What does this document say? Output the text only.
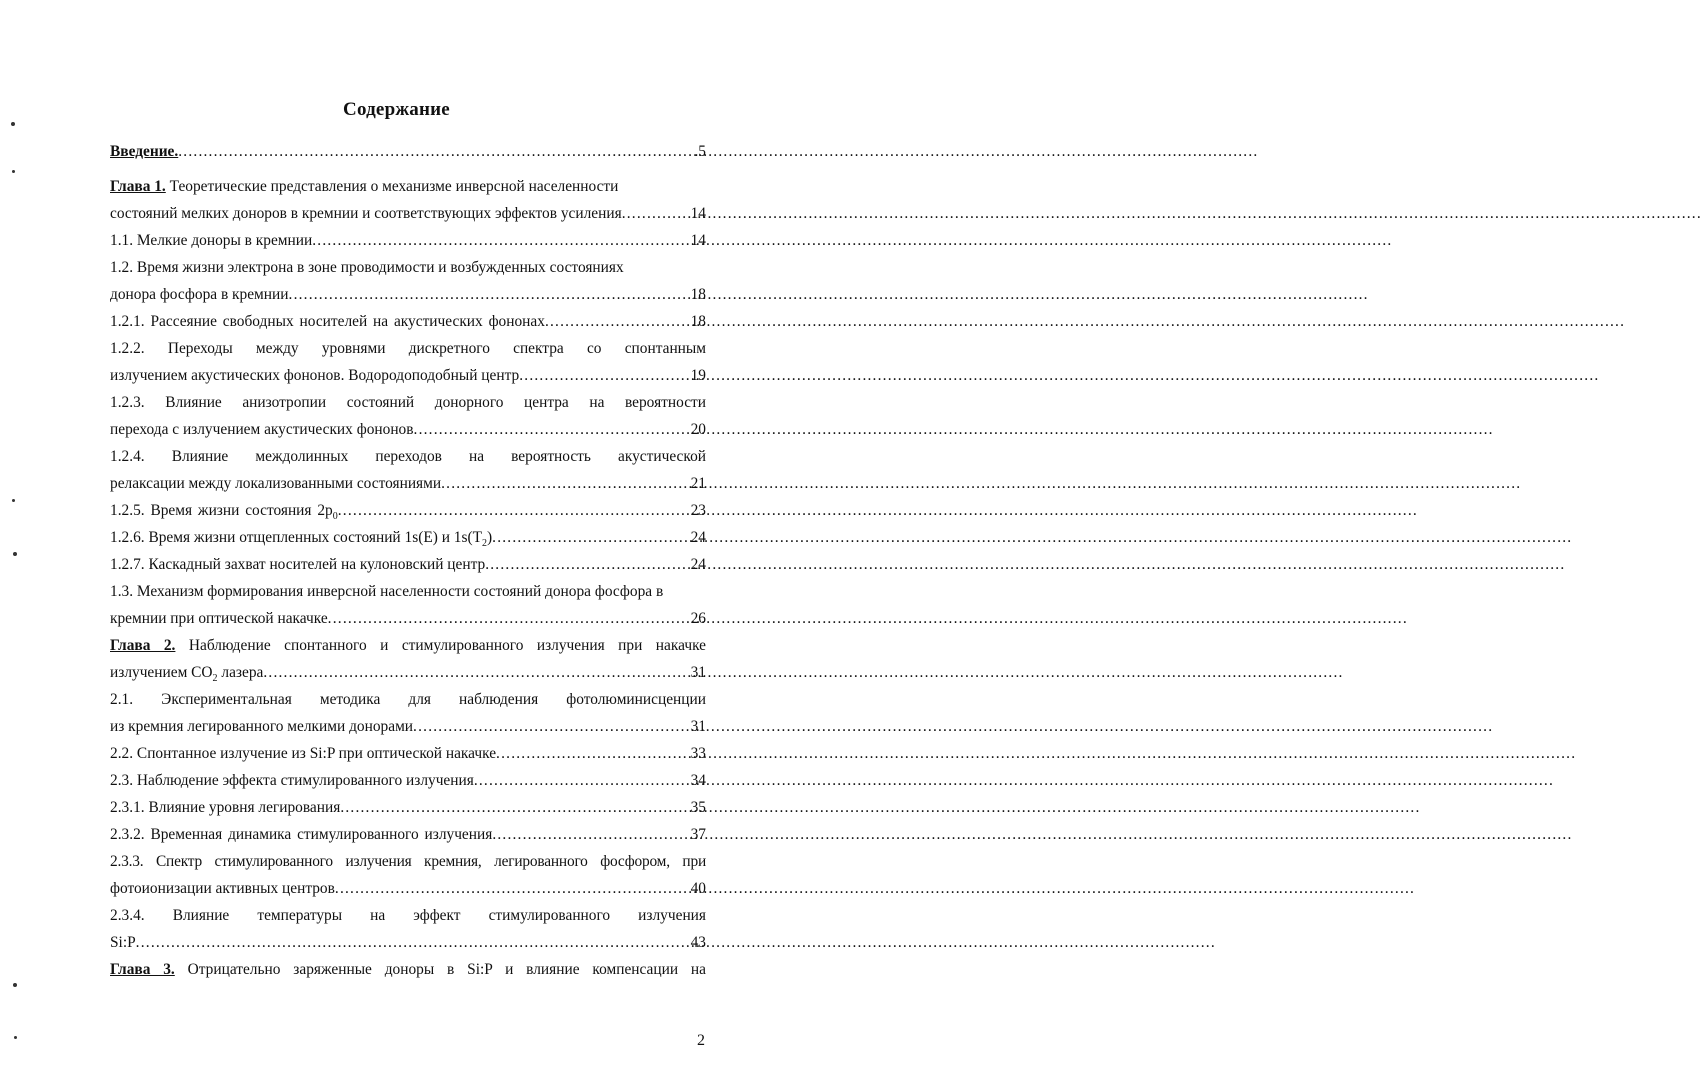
Содержание
Введение. .....	.5
Глава 1. Теоретические представления о механизме инверсной населенности
состояний мелких доноров в кремнии и соответствующих эффектов усиления .....	14
1.1. Мелкие доноры в кремнии .....	14
1.2. Время жизни электрона в зоне проводимости и возбужденных состояниях
донора фосфора в кремнии .....	18
1.2.1. Рассеяние свободных носителей на акустических фононах .....	18
1.2.2. Переходы между уровнями дискретного спектра со спонтанным
излучением акустических фононов. Водородоподобный центр .....	19
1.2.3. Влияние анизотропии состояний донорного центра на вероятности
перехода с излучением акустических фононов .....	20
1.2.4. Влияние междолинных переходов на вероятность акустической
релаксации между локализованными состояниями .....	21
1.2.5. Время жизни состояния $2p_0$ .....	23
1.2.6. Время жизни отщепленных состояний 1s(E) и $1s(T_2)$ .....	24
1.2.7. Каскадный захват носителей на кулоновский центр .....	24
1.3. Механизм формирования инверсной населенности состояний донора фосфора в
кремнии при оптической накачке .....	26
Глава 2. Наблюдение спонтанного и стимулированного излучения при накачке
излучением $CO_2$ лазера .....	31
2.1. Экспериментальная методика для наблюдения фотолюминисценции
из кремния легированного мелкими донорами .....	31
2.2. Спонтанное излучение из Si:P при оптической накачке .....	33
2.3. Наблюдение эффекта стимулированного излучения .....	34
2.3.1. Влияние уровня легирования .....	35
2.3.2. Временная динамика стимулированного излучения .....	37
2.3.3. Спектр стимулированного излучения кремния, легированного фосфором, при
фотоионизации активных центров .....	40
2.3.4. Влияние температуры на эффект стимулированного излучения
Si:P .....	43
Глава 3. Отрицательно заряженные доноры в Si:P и влияние компенсации на
2
